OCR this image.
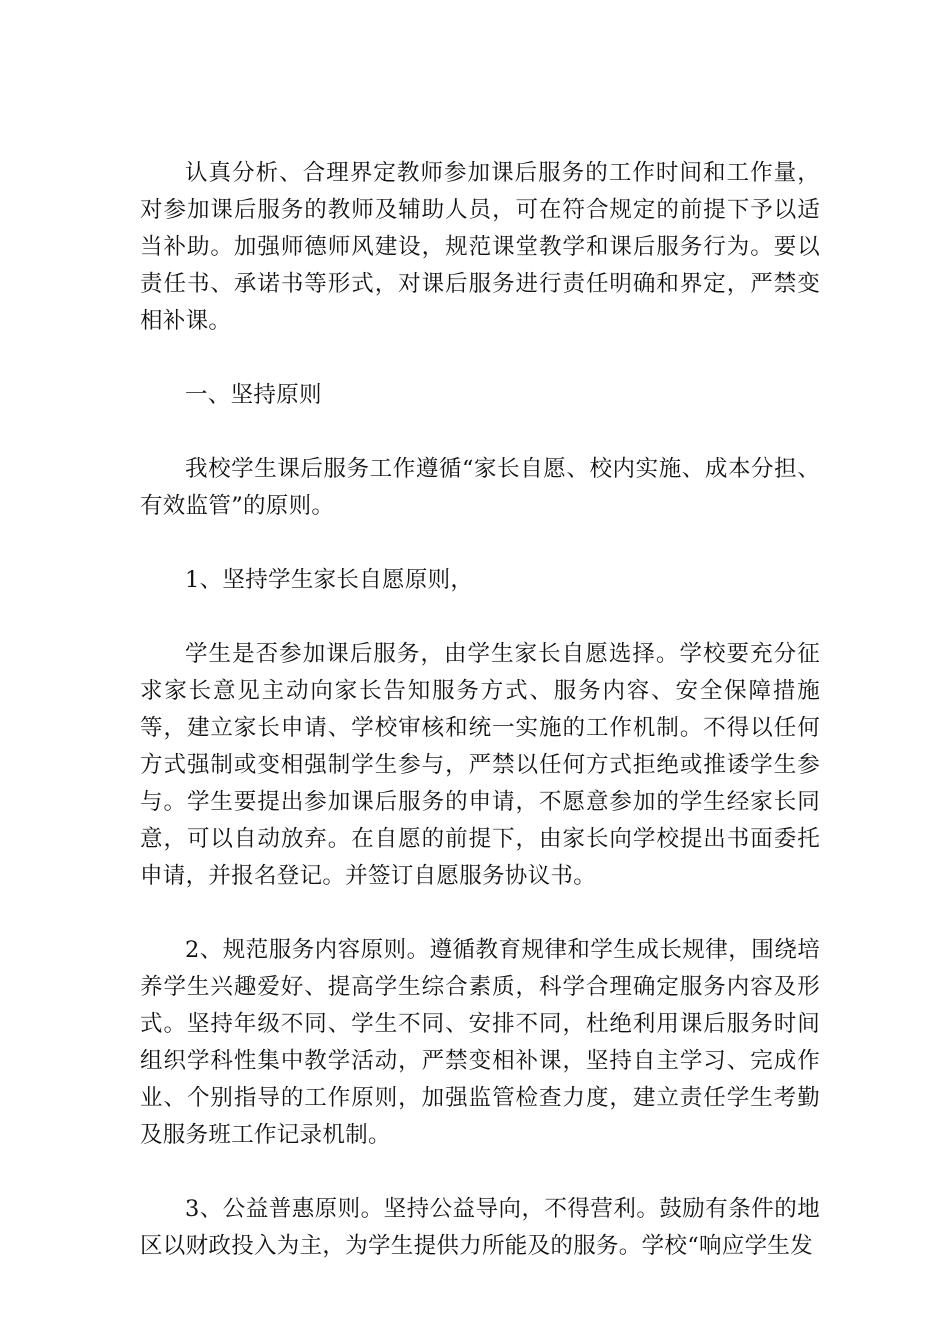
认真分析、合理界定教师参加课后服务的工作时间和工作量，对参加课后服务的教师及辅助人员，可在符合规定的前提下予以适当补助。加强师德师风建设，规范课堂教学和课后服务行为。要以责任书、承诺书等形式，对课后服务进行责任明确和界定，严禁变相补课。

一、坚持原则

我校学生课后服务工作遵循“家长自愿、校内实施、成本分担、有效监管”的原则。

1、坚持学生家长自愿原则，

学生是否参加课后服务，由学生家长自愿选择。学校要充分征求家长意见主动向家长告知服务方式、服务内容、安全保障措施等，建立家长申请、学校审核和统一实施的工作机制。不得以任何方式强制或变相强制学生参与，严禁以任何方式拒绝或推诿学生参与。学生要提出参加课后服务的申请，不愿意参加的学生经家长同意，可以自动放弃。在自愿的前提下，由家长向学校提出书面委托申请，并报名登记。并签订自愿服务协议书。

2、规范服务内容原则。遵循教育规律和学生成长规律，围绕培养学生兴趣爱好、提高学生综合素质，科学合理确定服务内容及形式。坚持年级不同、学生不同、安排不同，杜绝利用课后服务时间组织学科性集中教学活动，严禁变相补课，坚持自主学习、完成作业、个别指导的工作原则，加强监管检查力度，建立责任学生考勤及服务班工作记录机制。

3、公益普惠原则。坚持公益导向，不得营利。鼓励有条件的地区以财政投入为主，为学生提供力所能及的服务。学校“响应学生发
